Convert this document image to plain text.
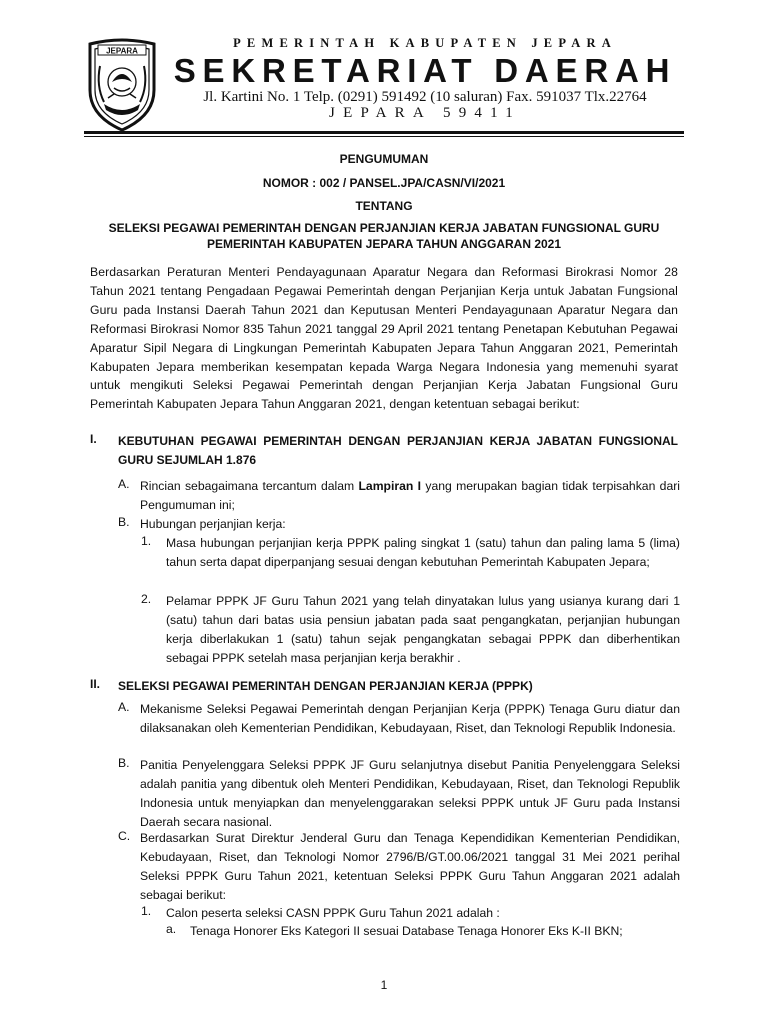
JEPARA
PEMERINTAH KABUPATEN JEPARA
SEKRETARIAT DAERAH
Jl. Kartini No. 1 Telp. (0291) 591492 (10 saluran) Fax. 591037 Tlx.22764
JEPARA 59411
PENGUMUMAN
NOMOR : 002 / PANSEL.JPA/CASN/VI/2021
TENTANG
SELEKSI PEGAWAI PEMERINTAH DENGAN PERJANJIAN KERJA JABATAN FUNGSIONAL GURU
PEMERINTAH KABUPATEN JEPARA TAHUN ANGGARAN 2021

Berdasarkan Peraturan Menteri Pendayagunaan Aparatur Negara dan Reformasi Birokrasi Nomor 28 Tahun 2021 tentang Pengadaan Pegawai Pemerintah dengan Perjanjian Kerja untuk Jabatan Fungsional Guru pada Instansi Daerah Tahun 2021 dan Keputusan Menteri Pendayagunaan Aparatur Negara dan Reformasi Birokrasi Nomor 835 Tahun 2021 tanggal 29 April 2021 tentang Penetapan Kebutuhan Pegawai Aparatur Sipil Negara di Lingkungan Pemerintah Kabupaten Jepara Tahun Anggaran 2021, Pemerintah Kabupaten Jepara memberikan kesempatan kepada Warga Negara Indonesia yang memenuhi syarat untuk mengikuti Seleksi Pegawai Pemerintah dengan Perjanjian Kerja Jabatan Fungsional Guru Pemerintah Kabupaten Jepara Tahun Anggaran 2021, dengan ketentuan sebagai berikut:

I. KEBUTUHAN PEGAWAI PEMERINTAH DENGAN PERJANJIAN KERJA JABATAN FUNGSIONAL GURU SEJUMLAH 1.876

A. Rincian sebagaimana tercantum dalam Lampiran I yang merupakan bagian tidak terpisahkan dari Pengumuman ini;

B. Hubungan perjanjian kerja:

1. Masa hubungan perjanjian kerja PPPK paling singkat 1 (satu) tahun dan paling lama 5 (lima) tahun serta dapat diperpanjang sesuai dengan kebutuhan Pemerintah Kabupaten Jepara;

2. Pelamar PPPK JF Guru Tahun 2021 yang telah dinyatakan lulus yang usianya kurang dari 1 (satu) tahun dari batas usia pensiun jabatan pada saat pengangkatan, perjanjian hubungan kerja diberlakukan 1 (satu) tahun sejak pengangkatan sebagai PPPK dan diberhentikan sebagai PPPK setelah masa perjanjian kerja berakhir .

II. SELEKSI PEGAWAI PEMERINTAH DENGAN PERJANJIAN KERJA (PPPK)

A. Mekanisme Seleksi Pegawai Pemerintah dengan Perjanjian Kerja (PPPK) Tenaga Guru diatur dan dilaksanakan oleh Kementerian Pendidikan, Kebudayaan, Riset, dan Teknologi Republik Indonesia.

B. Panitia Penyelenggara Seleksi PPPK JF Guru selanjutnya disebut Panitia Penyelenggara Seleksi adalah panitia yang dibentuk oleh Menteri Pendidikan, Kebudayaan, Riset, dan Teknologi Republik Indonesia untuk menyiapkan dan menyelenggarakan seleksi PPPK untuk JF Guru pada Instansi Daerah secara nasional.

C. Berdasarkan Surat Direktur Jenderal Guru dan Tenaga Kependidikan Kementerian Pendidikan, Kebudayaan, Riset, dan Teknologi Nomor 2796/B/GT.00.06/2021 tanggal 31 Mei 2021 perihal Seleksi PPPK Guru Tahun 2021, ketentuan Seleksi PPPK Guru Tahun Anggaran 2021 adalah sebagai berikut:

1. Calon peserta seleksi CASN PPPK Guru Tahun 2021 adalah :

a. Tenaga Honorer Eks Kategori II sesuai Database Tenaga Honorer Eks K-II BKN;

1
